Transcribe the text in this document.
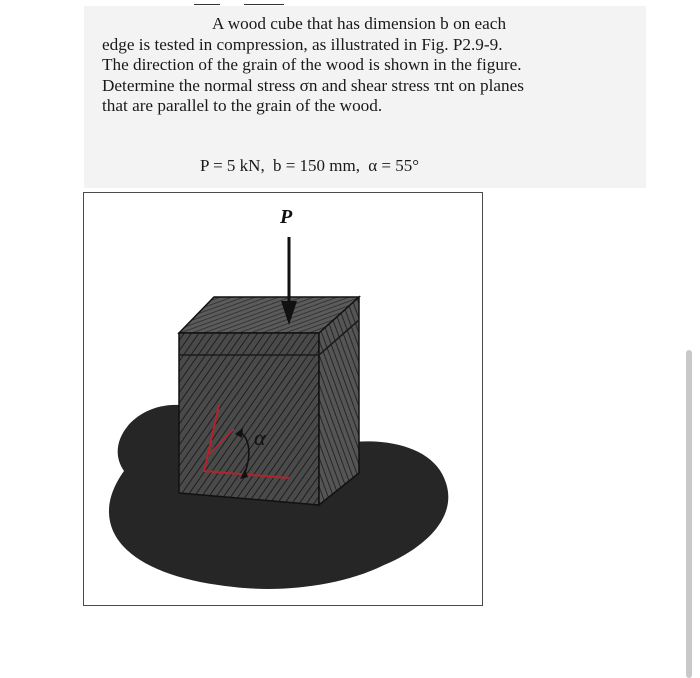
A wood cube that has dimension b on each
edge is tested in compression, as illustrated in Fig. P2.9-9.
The direction of the grain of the wood is shown in the figure.
Determine the normal stress σn and shear stress τnt on planes
that are parallel to the grain of the wood.
P = 5 kN, b = 150 mm, α = 55°
α
P
